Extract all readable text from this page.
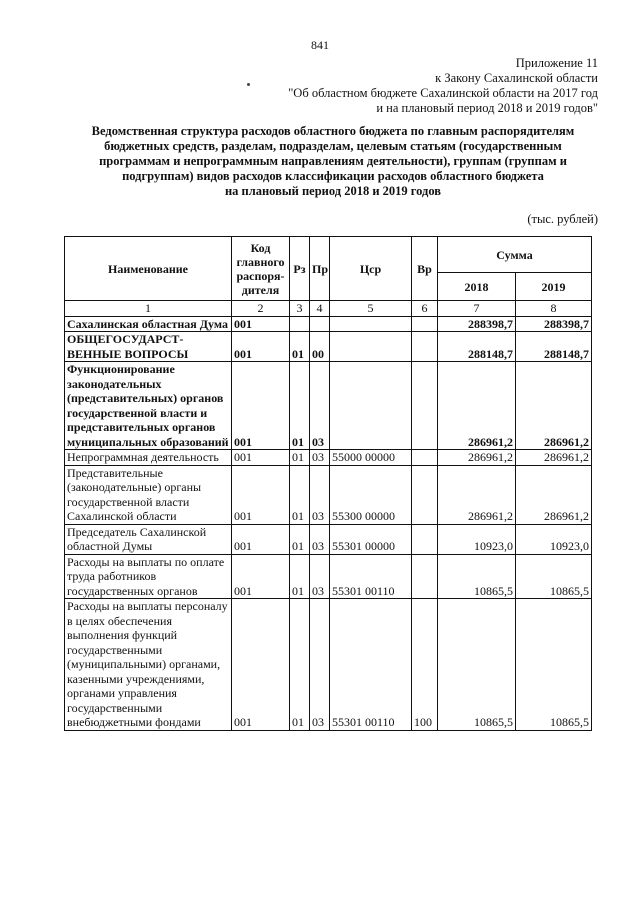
841
Приложение 11
к Закону Сахалинской области
"Об областном бюджете Сахалинской области на 2017 год
и на плановый период 2018 и 2019 годов"
Ведомственная структура расходов областного бюджета по главным распорядителям
бюджетных средств, разделам, подразделам, целевым статьям (государственным
программам и непрограммным направлениям деятельности), группам (группам и
подгруппам) видов расходов классификации расходов областного бюджета
на плановый период 2018 и 2019 годов
(тыс. рублей)
Наименование	Код главного распоря-дителя	Рз	Пр	Цср	Вр	Сумма	
						2018	2019
1	2	3	4	5	6	7	8
Сахалинская областная Дума	001					288398,7	288398,7
ОБЩЕГОСУДАРСТ-ВЕННЫЕ ВОПРОСЫ	001	01	00			288148,7	288148,7
Функционирование законодательных (представительных) органов государственной власти и представительных органов муниципальных образований	001	01	03			286961,2	286961,2
Непрограммная деятельность	001	01	03	55000 00000		286961,2	286961,2
Представительные (законодательные) органы государственной власти Сахалинской области	001	01	03	55300 00000		286961,2	286961,2
Председатель Сахалинской областной Думы	001	01	03	55301 00000		10923,0	10923,0
Расходы на выплаты по оплате труда работников государственных органов	001	01	03	55301 00110		10865,5	10865,5
Расходы на выплаты персоналу в целях обеспечения выполнения функций государственными (муниципальными) органами, казенными учреждениями, органами управления государственными внебюджетными фондами	001	01	03	55301 00110	100	10865,5	10865,5
